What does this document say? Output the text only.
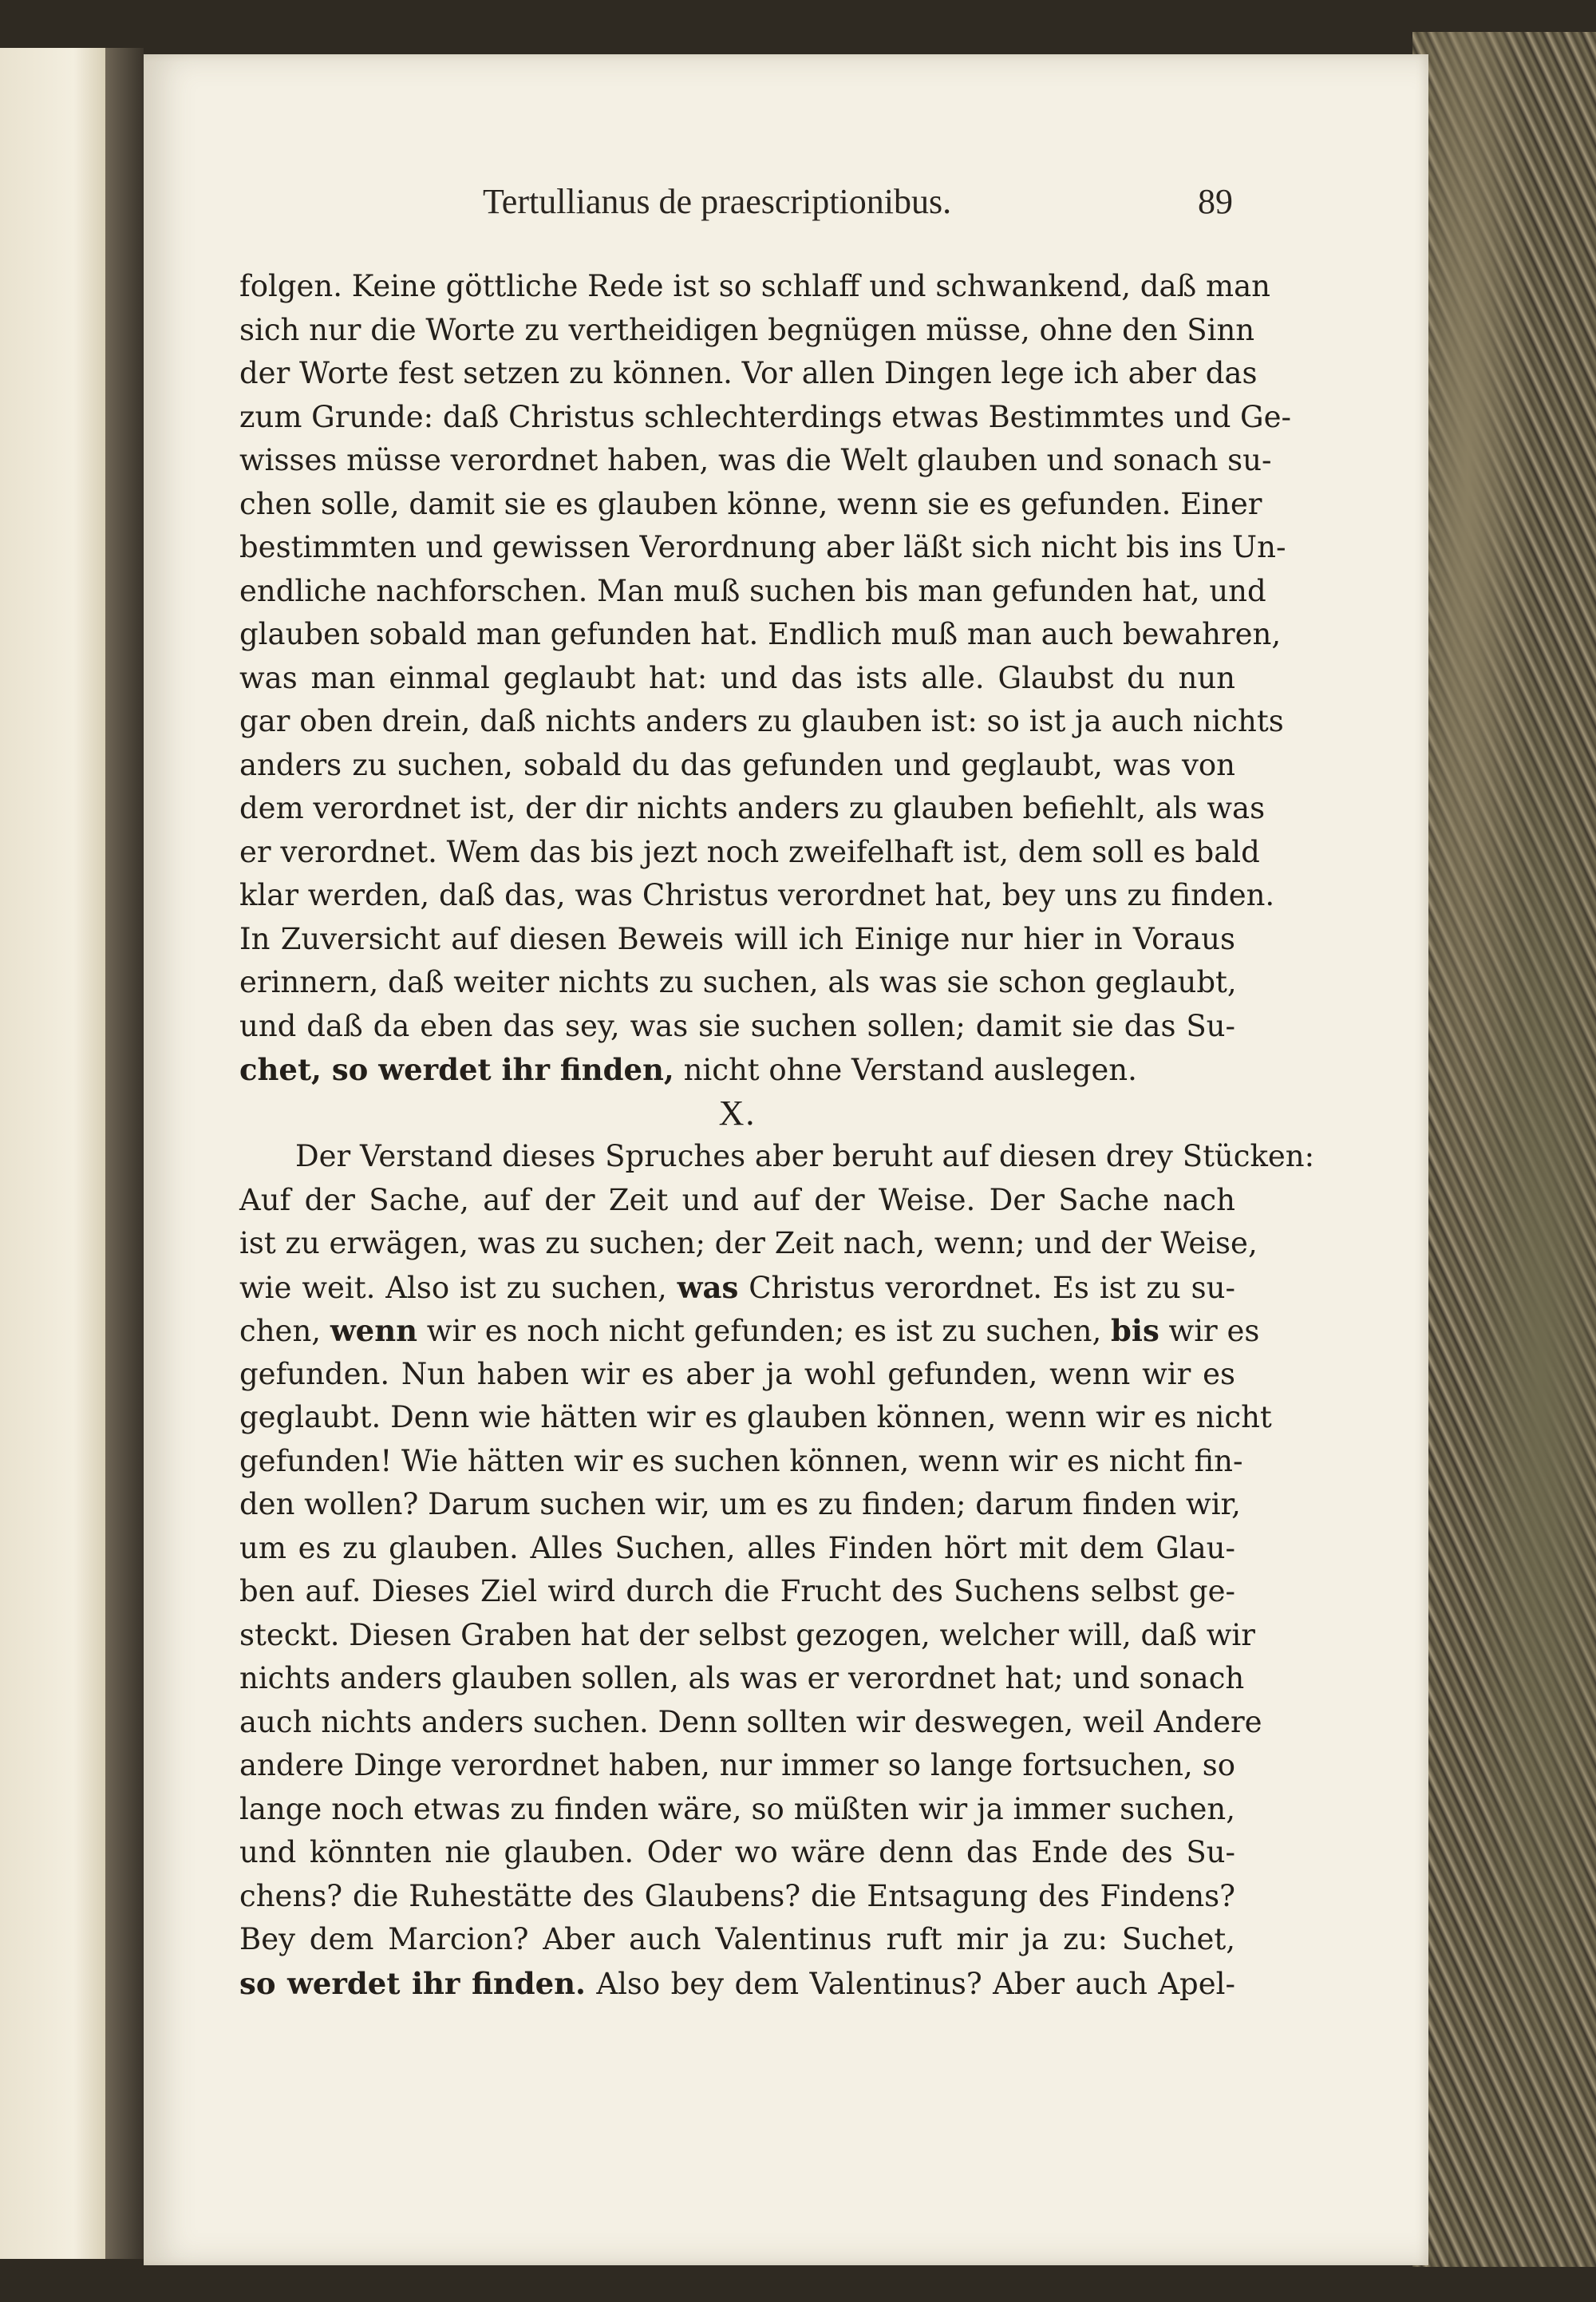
Tertullianus de praescriptionibus.	89
folgen. Keine göttliche Rede ist so schlaff und schwankend, daß man
sich nur die Worte zu vertheidigen begnügen müsse, ohne den Sinn
der Worte fest setzen zu können. Vor allen Dingen lege ich aber das
zum Grunde: daß Christus schlechterdings etwas Bestimmtes und Ge-
wisses müsse verordnet haben, was die Welt glauben und sonach su-
chen solle, damit sie es glauben könne, wenn sie es gefunden. Einer
bestimmten und gewissen Verordnung aber läßt sich nicht bis ins Un-
endliche nachforschen. Man muß suchen bis man gefunden hat, und
glauben sobald man gefunden hat. Endlich muß man auch bewahren,
was man einmal geglaubt hat: und das ists alle. Glaubst du nun
gar oben drein, daß nichts anders zu glauben ist: so ist ja auch nichts
anders zu suchen, sobald du das gefunden und geglaubt, was von
dem verordnet ist, der dir nichts anders zu glauben befiehlt, als was
er verordnet. Wem das bis jezt noch zweifelhaft ist, dem soll es bald
klar werden, daß das, was Christus verordnet hat, bey uns zu finden.
In Zuversicht auf diesen Beweis will ich Einige nur hier in Voraus
erinnern, daß weiter nichts zu suchen, als was sie schon geglaubt,
und daß da eben das sey, was sie suchen sollen; damit sie das Su-
chet, so werdet ihr finden, nicht ohne Verstand auslegen.
X.
Der Verstand dieses Spruches aber beruht auf diesen drey Stücken:
Auf der Sache, auf der Zeit und auf der Weise. Der Sache nach
ist zu erwägen, was zu suchen; der Zeit nach, wenn; und der Weise,
wie weit. Also ist zu suchen, was Christus verordnet. Es ist zu su-
chen, wenn wir es noch nicht gefunden; es ist zu suchen, bis wir es
gefunden. Nun haben wir es aber ja wohl gefunden, wenn wir es
geglaubt. Denn wie hätten wir es glauben können, wenn wir es nicht
gefunden! Wie hätten wir es suchen können, wenn wir es nicht fin-
den wollen? Darum suchen wir, um es zu finden; darum finden wir,
um es zu glauben. Alles Suchen, alles Finden hört mit dem Glau-
ben auf. Dieses Ziel wird durch die Frucht des Suchens selbst ge-
steckt. Diesen Graben hat der selbst gezogen, welcher will, daß wir
nichts anders glauben sollen, als was er verordnet hat; und sonach
auch nichts anders suchen. Denn sollten wir deswegen, weil Andere
andere Dinge verordnet haben, nur immer so lange fortsuchen, so
lange noch etwas zu finden wäre, so müßten wir ja immer suchen,
und könnten nie glauben. Oder wo wäre denn das Ende des Su-
chens? die Ruhestätte des Glaubens? die Entsagung des Findens?
Bey dem Marcion? Aber auch Valentinus ruft mir ja zu: Suchet,
so werdet ihr finden. Also bey dem Valentinus? Aber auch Apel-
